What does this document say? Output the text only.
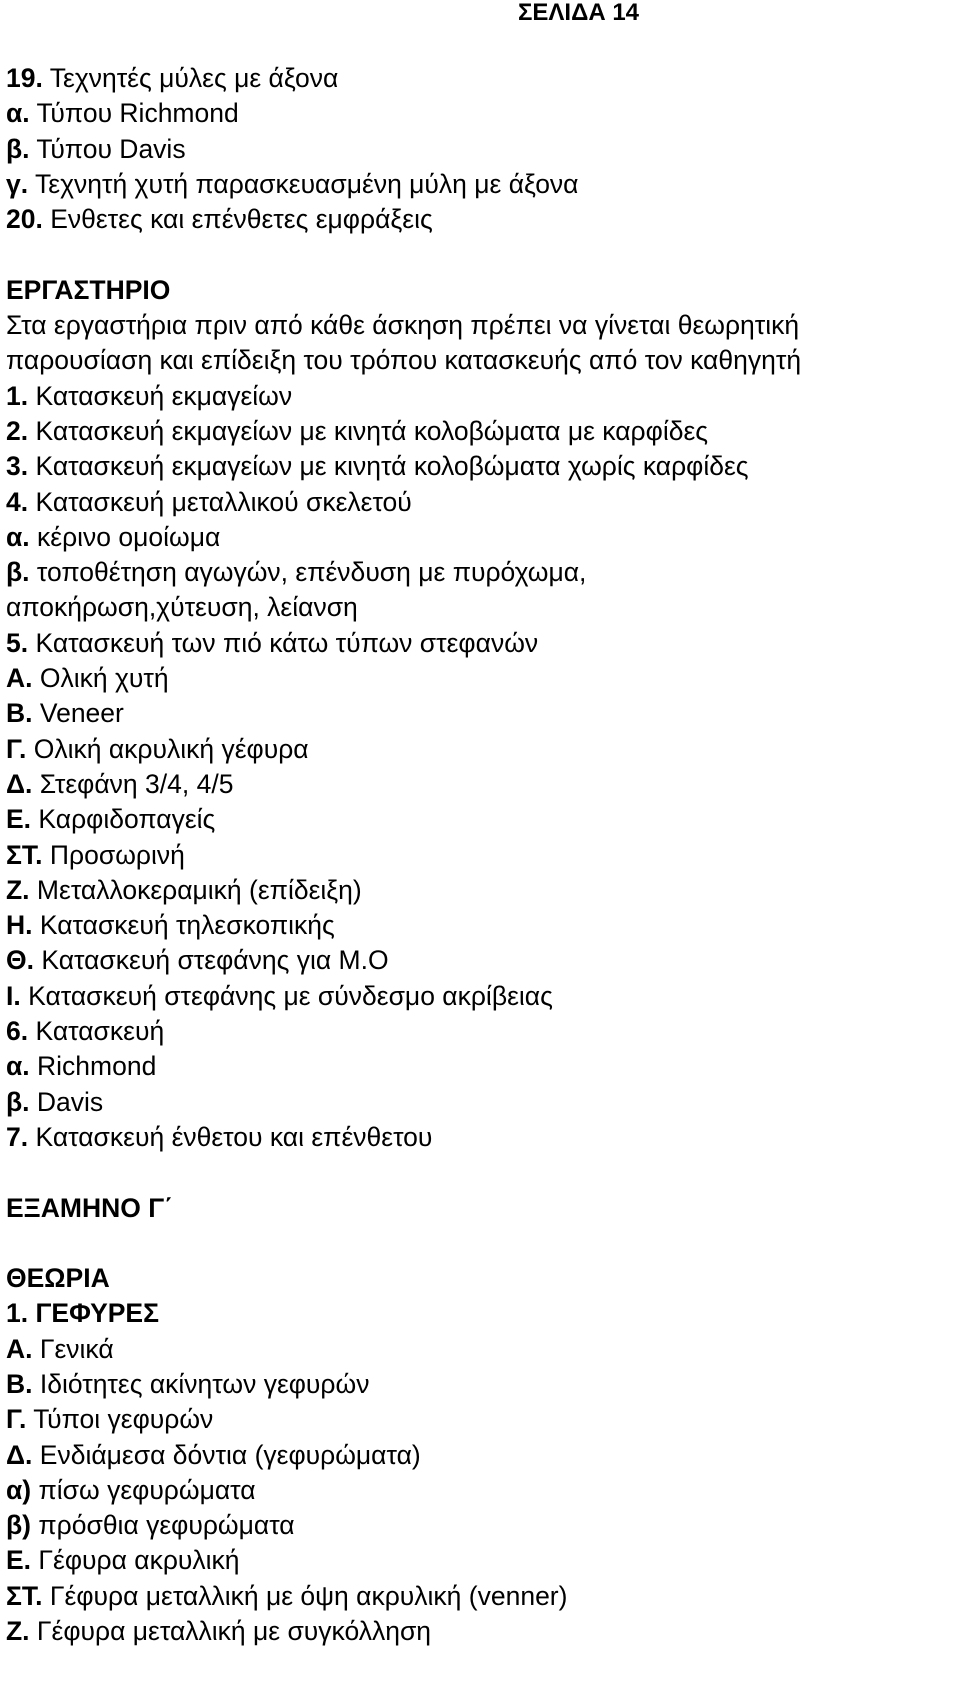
ΣΕΛΙΔΑ 14
19. Τεχνητές μύλες με άξονα
α. Τύπου Richmond
β. Τύπου Davis
γ. Τεχνητή χυτή παρασκευασμένη μύλη με άξονα
20. Ενθετες και επένθετες εμφράξεις
ΕΡΓΑΣΤΗΡΙΟ
Στα εργαστήρια πριν από κάθε άσκηση πρέπει να γίνεται θεωρητική
παρουσίαση και επίδειξη του τρόπου κατασκευής από τον καθηγητή
1. Κατασκευή εκμαγείων
2. Κατασκευή εκμαγείων με κινητά κολοβώματα με καρφίδες
3. Κατασκευή εκμαγείων με κινητά κολοβώματα χωρίς καρφίδες
4. Κατασκευή μεταλλικού σκελετού
α. κέρινο ομοίωμα
β. τοποθέτηση αγωγών, επένδυση με πυρόχωμα,
αποκήρωση,χύτευση, λείανση
5. Κατασκευή των πιό κάτω τύπων στεφανών
Α. Ολική χυτή
Β. Veneer
Γ. Ολική ακρυλική γέφυρα
Δ. Στεφάνη 3/4, 4/5
Ε. Καρφιδοπαγείς
ΣΤ. Προσωρινή
Ζ. Μεταλλοκεραμική (επίδειξη)
Η. Κατασκευή τηλεσκοπικής
Θ. Κατασκευή στεφάνης για Μ.Ο
Ι. Κατασκευή στεφάνης με σύνδεσμο ακρίβειας
6. Κατασκευή
α. Richmond
β. Davis
7. Κατασκευή ένθετου και επένθετου
ΕΞΑΜΗΝΟ Γ΄
ΘΕΩΡΙΑ
1. ΓΕΦΥΡΕΣ
Α. Γενικά
Β. Ιδιότητες ακίνητων γεφυρών
Γ. Τύποι γεφυρών
Δ. Ενδιάμεσα δόντια (γεφυρώματα)
α) πίσω γεφυρώματα
β) πρόσθια γεφυρώματα
Ε. Γέφυρα ακρυλική
ΣΤ. Γέφυρα μεταλλική με όψη ακρυλική (venner)
Ζ. Γέφυρα μεταλλική με συγκόλληση
